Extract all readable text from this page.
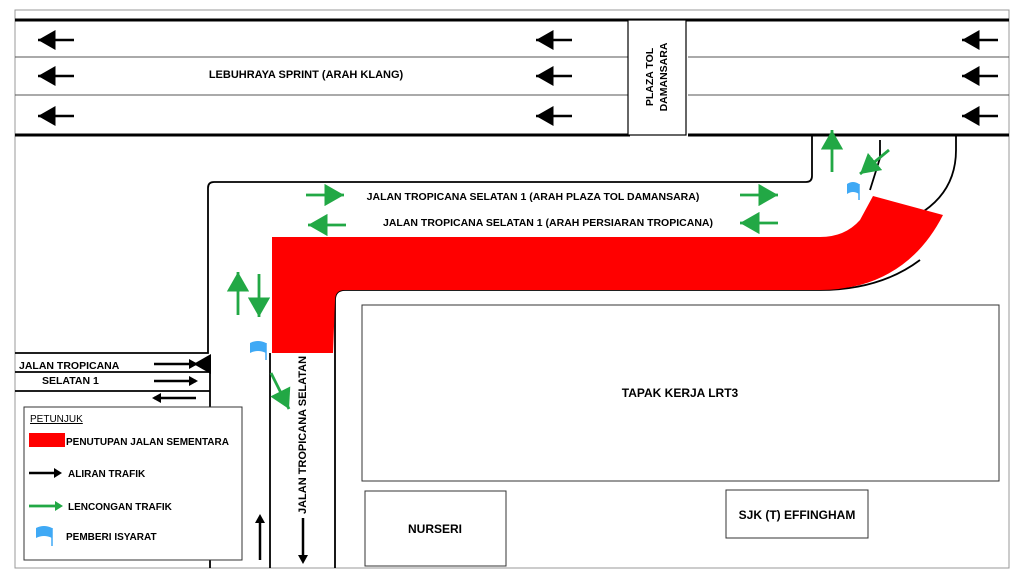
PLAZA TOL DAMANSARA
LEBUHRAYA SPRINT (ARAH KLANG)
TAPAK KERJA LRT3
NURSERI
SJK (T) EFFINGHAM
JALAN TROPICANA SELATAN 1 (ARAH PLAZA TOL DAMANSARA)
JALAN TROPICANA SELATAN 1 (ARAH PERSIARAN TROPICANA)
JALAN TROPICANA
SELATAN 1	JALAN TROPICANA SELATAN
PETUNJUK
PENUTUPAN JALAN SEMENTARA
ALIRAN TRAFIK
LENCONGAN TRAFIK
PEMBERI ISYARAT
